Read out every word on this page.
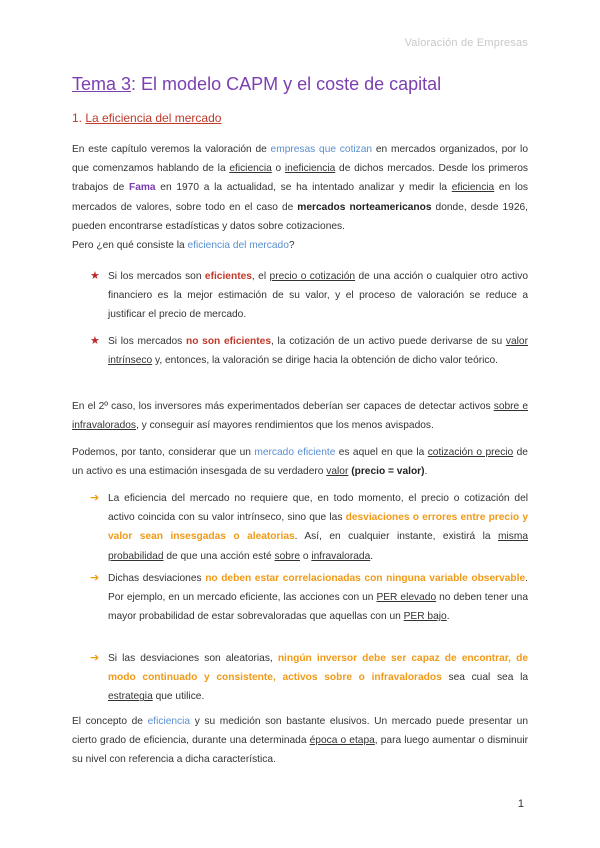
Valoración de Empresas
Tema 3: El modelo CAPM y el coste de capital
1. La eficiencia del mercado
En este capítulo veremos la valoración de empresas que cotizan en mercados organizados, por lo que comenzamos hablando de la eficiencia o ineficiencia de dichos mercados. Desde los primeros trabajos de Fama en 1970 a la actualidad, se ha intentado analizar y medir la eficiencia en los mercados de valores, sobre todo en el caso de mercados norteamericanos donde, desde 1926, pueden encontrarse estadísticas y datos sobre cotizaciones.
Pero ¿en qué consiste la eficiencia del mercado?
★ Si los mercados son eficientes, el precio o cotización de una acción o cualquier otro activo financiero es la mejor estimación de su valor, y el proceso de valoración se reduce a justificar el precio de mercado.
★ Si los mercados no son eficientes, la cotización de un activo puede derivarse de su valor intrínseco y, entonces, la valoración se dirige hacia la obtención de dicho valor teórico.
En el 2º caso, los inversores más experimentados deberían ser capaces de detectar activos sobre e infravalorados, y conseguir así mayores rendimientos que los menos avispados.
Podemos, por tanto, considerar que un mercado eficiente es aquel en que la cotización o precio de un activo es una estimación insesgada de su verdadero valor (precio = valor).
➔ La eficiencia del mercado no requiere que, en todo momento, el precio o cotización del activo coincida con su valor intrínseco, sino que las desviaciones o errores entre precio y valor sean insesgadas o aleatorias. Así, en cualquier instante, existirá la misma probabilidad de que una acción esté sobre o infravalorada.
➔ Dichas desviaciones no deben estar correlacionadas con ninguna variable observable. Por ejemplo, en un mercado eficiente, las acciones con un PER elevado no deben tener una mayor probabilidad de estar sobrevaloradas que aquellas con un PER bajo.
➔ Si las desviaciones son aleatorias, ningún inversor debe ser capaz de encontrar, de modo continuado y consistente, activos sobre o infravalorados sea cual sea la estrategia que utilice.
El concepto de eficiencia y su medición son bastante elusivos. Un mercado puede presentar un cierto grado de eficiencia, durante una determinada época o etapa, para luego aumentar o disminuir su nivel con referencia a dicha característica.
1
